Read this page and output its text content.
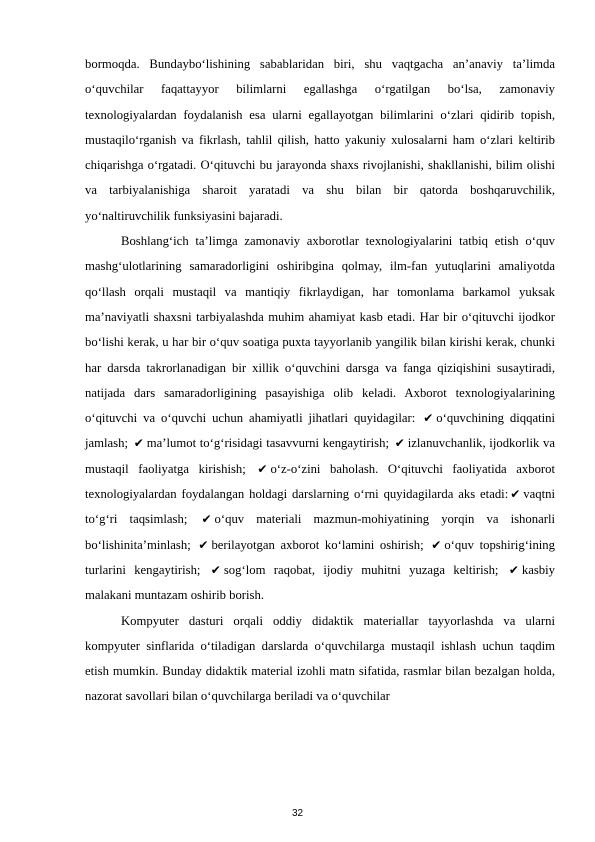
bormoqda. Bundaybo‘lishining sabablaridan biri, shu vaqtgacha an’anaviy ta’limda o‘quvchilar faqattayyor bilimlarni egallashga o‘rgatilgan bo‘lsa, zamonaviy texnologiyalardan foydalanish esa ularni egallayotgan bilimlarini o‘zlari qidirib topish, mustaqilo‘rganish va fikrlash, tahlil qilish, hatto yakuniy xulosalarni ham o‘zlari keltirib chiqarishga o‘rgatadi. O‘qituvchi bu jarayonda shaxs rivojlanishi, shakllanishi, bilim olishi va tarbiyalanishiga sharoit yaratadi va shu bilan bir qatorda boshqaruvchilik, yo‘naltiruvchilik funksiyasini bajaradi.

Boshlang‘ich ta’limga zamonaviy axborotlar texnologiyalarini tatbiq etish o‘quv mashg‘ulotlarining samaradorligini oshiribgina qolmay, ilm-fan yutuqlarini amaliyotda qo‘llash orqali mustaqil va mantiqiy fikrlaydigan, har tomonlama barkamol yuksak ma’naviyatli shaxsni tarbiyalashda muhim ahamiyat kasb etadi. Har bir o‘qituvchi ijodkor bo‘lishi kerak, u har bir o‘quv soatiga puxta tayyorlanib yangilik bilan kirishi kerak, chunki har darsda takrorlanadigan bir xillik o‘quvchini darsga va fanga qiziqishini susaytiradi, natijada dars samaradorligining pasayishiga olib keladi. Axborot texnologiyalarining o‘qituvchi va o‘quvchi uchun ahamiyatli jihatlari quyidagilar: ✔ o‘quvchining diqqatini jamlash; ✔ ma’lumot to‘g‘risidagi tasavvurni kengaytirish; ✔ izlanuvchanlik, ijodkorlik va mustaqil faoliyatga kirishish; ✔ o‘z-o‘zini baholash. O‘qituvchi faoliyatida axborot texnologiyalardan foydalangan holdagi darslarning o‘rni quyidagilarda aks etadi: ✔ vaqtni to‘g‘ri taqsimlash; ✔ o‘quv materiali mazmun-mohiyatining yorqin va ishonarli bo‘lishinita’minlash; ✔ berilayotgan axborot ko‘lamini oshirish; ✔ o‘quv topshirig‘ining turlarini kengaytirish; ✔ sog‘lom raqobat, ijodiy muhitni yuzaga keltirish; ✔ kasbiy malakani muntazam oshirib borish.

Kompyuter dasturi orqali oddiy didaktik materiallar tayyorlashda va ularni kompyuter sinflarida o‘tiladigan darslarda o‘quvchilarga mustaqil ishlash uchun taqdim etish mumkin. Bunday didaktik material izohli matn sifatida, rasmlar bilan bezalgan holda, nazorat savollari bilan o‘quvchilarga beriladi va o‘quvchilar

32
